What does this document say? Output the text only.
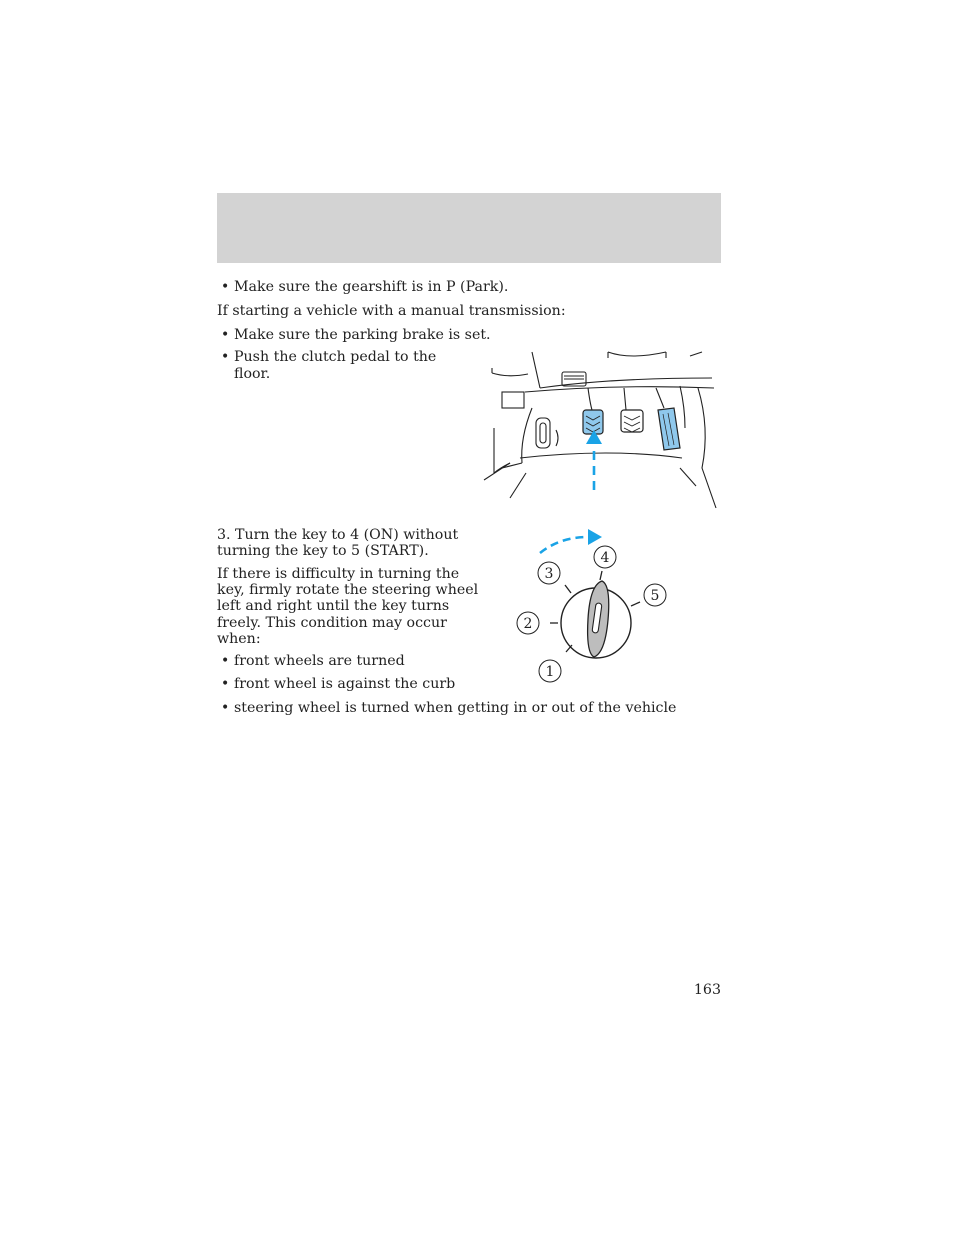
• Make sure the gearshift is in P (Park).
If starting a vehicle with a manual transmission:
• Make sure the parking brake is set.
• Push the clutch pedal to the
floor.
3. Turn the key to 4 (ON) without
turning the key to 5 (START).
If there is difficulty in turning the
key, firmly rotate the steering wheel
left and right until the key turns
freely. This condition may occur
when:
• front wheels are turned
• front wheel is against the curb
• steering wheel is turned when getting in or out of the vehicle
1
2
3
4
5
163
